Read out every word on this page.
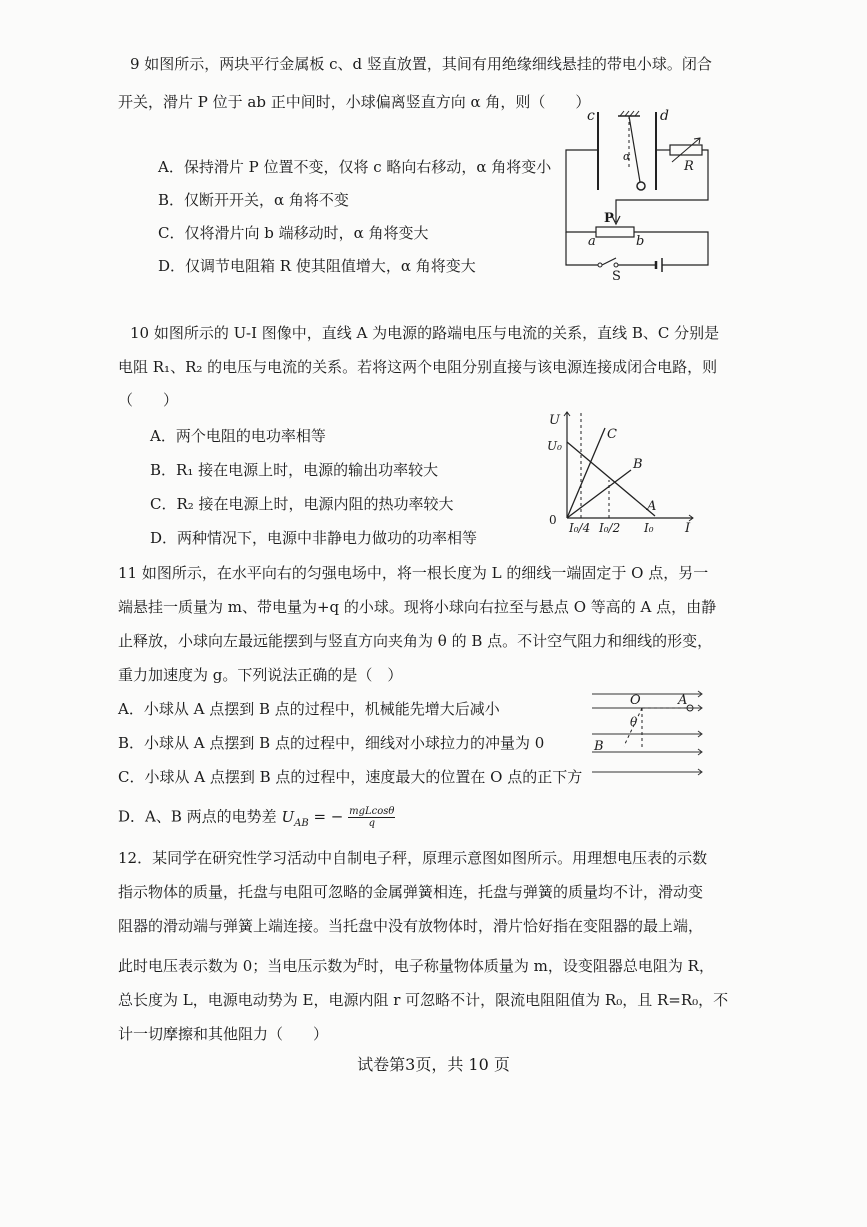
9 如图所示，两块平行金属板 c、d 竖直放置，其间有用绝缘细线悬挂的带电小球。闭合
开关，滑片 P 位于 ab 正中间时，小球偏离竖直方向 α 角，则（　　）
A．保持滑片 P 位置不变，仅将 c 略向右移动，α 角将变小
B．仅断开开关，α 角将不变
C．仅将滑片向 b 端移动时，α 角将变大
D．仅调节电阻箱 R 使其阻值增大，α 角将变大
c	d
α
R
P
a	b
S
10 如图所示的 U-I 图像中，直线 A 为电源的路端电压与电流的关系，直线 B、C 分别是
电阻 R₁、R₂ 的电压与电流的关系。若将这两个电阻分别直接与该电源连接成闭合电路，则
（　　）
A．两个电阻的电功率相等
B．R₁ 接在电源上时，电源的输出功率较大
C．R₂ 接在电源上时，电源内阻的热功率较大
D．两种情况下，电源中非静电力做功的功率相等
U
I
0
U₀
I₀/4 I₀/2 I₀
A
C
B
11 如图所示，在水平向右的匀强电场中，将一根长度为 L 的细线一端固定于 O 点，另一
端悬挂一质量为 m、带电量为+q 的小球。现将小球向右拉至与悬点 O 等高的 A 点，由静
止释放，小球向左最远能摆到与竖直方向夹角为 θ 的 B 点。不计空气阻力和细线的形变，
重力加速度为 g。下列说法正确的是（　）
A．小球从 A 点摆到 B 点的过程中，机械能先增大后减小
B．小球从 A 点摆到 B 点的过程中，细线对小球拉力的冲量为 0
C．小球从 A 点摆到 B 点的过程中，速度最大的位置在 O 点的正下方
D．A、B 两点的电势差 $U_{AB}$ = − $\frac{\text{mgLcosθ}}{q}$
O	A
B
θ
12．某同学在研究性学习活动中自制电子秤，原理示意图如图所示。用理想电压表的示数
指示物体的质量，托盘与电阻可忽略的金属弹簧相连，托盘与弹簧的质量均不计，滑动变
阻器的滑动端与弹簧上端连接。当托盘中没有放物体时，滑片恰好指在变阻器的最上端，
此时电压表示数为 0；当电压示数为$^E$时，电子称量物体质量为 m，设变阻器总电阻为 R，
总长度为 L，电源电动势为 E，电源内阻 r 可忽略不计，限流电阻阻值为 R₀，且 R=R₀，不
计一切摩擦和其他阻力（　　）
试卷第3页，共 10 页
